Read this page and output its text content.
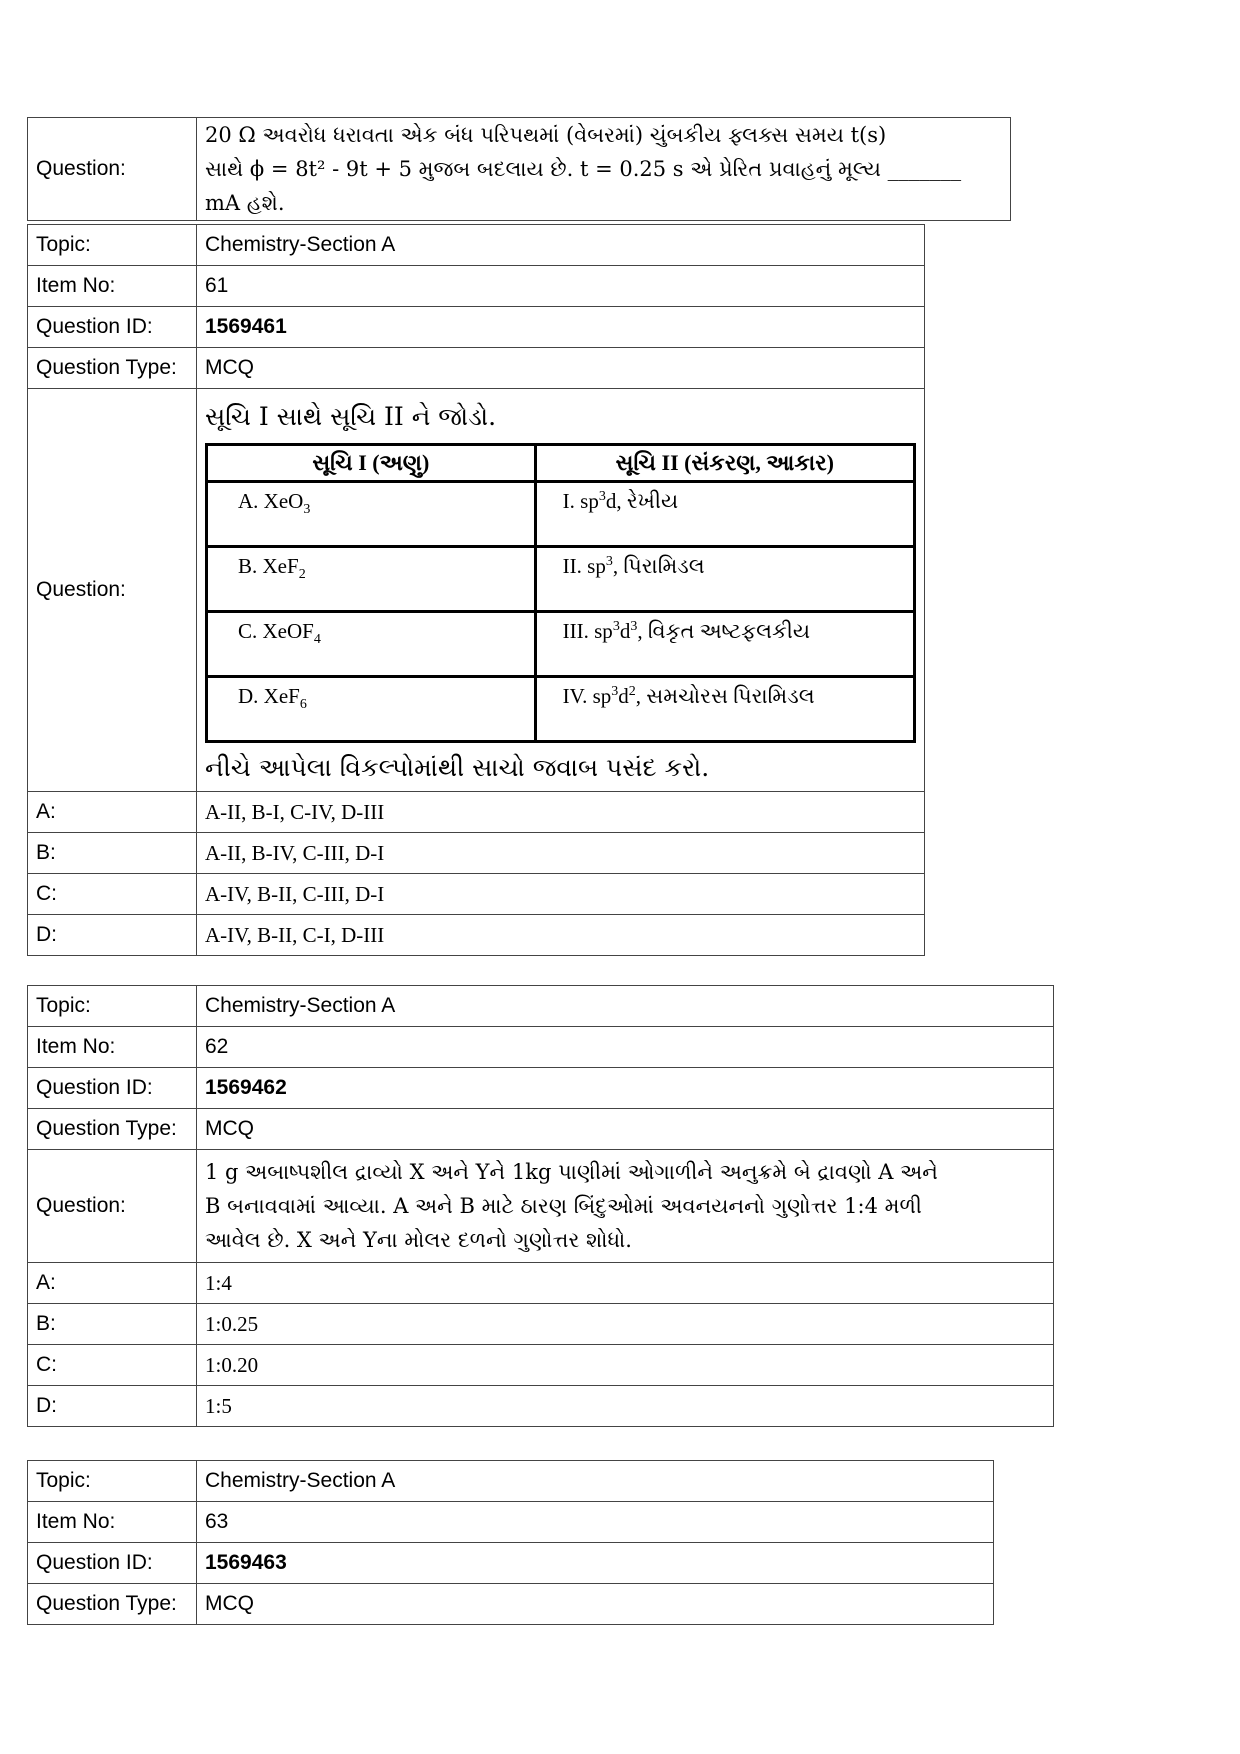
Question:	
20 Ω અવરોધ ધરાવતા એક બંધ પરિપથમાં (વેબરમાં) ચુંબકીય ફ્લક્સ સમય t(s)
સાથે ϕ = 8t² - 9t + 5 મુજબ બદલાય છે. t = 0.25 s એ પ્રેરિત પ્રવાહનું મૂલ્ય _______ mA હશે.
Topic:	Chemistry-Section A
Item No:	61
Question ID:	1569461
Question Type:	MCQ
Question:	
સૂચિ I સાથે સૂચિ II ને જોડો.
સૂચિ I (અણુ)	સૂચિ II (સંકરણ, આકાર)
A. XeO$_3$	I. $sp^3d$, રેખીય
B. XeF$_2$	II. $sp^3$, પિરામિડલ
C. XeOF$_4$	III. $sp^3d^3$, વિકૃત અષ્ટફલકીય
D. XeF$_6$	IV. $sp^3d^2$, સમચોરસ પિરામિડલ
નીચે આપેલા વિકલ્પોમાંથી સાચો જવાબ પસંદ કરો.

A:	A-II, B-I, C-IV, D-III
B:	A-II, B-IV, C-III, D-I
C:	A-IV, B-II, C-III, D-I
D:	A-IV, B-II, C-I, D-III
Topic:	Chemistry-Section A
Item No:	62
Question ID:	1569462
Question Type:	MCQ
Question:	1 g અબાષ્પશીલ દ્રાવ્યો X અને Yને 1kg પાણીમાં ઓગાળીને અનુક્રમે બે દ્રાવણો A અને
B બનાવવામાં આવ્યા. A અને B માટે ઠારણ બિંદુઓમાં અવનયનનો ગુણોત્તર 1:4 મળી
આવેલ છે. X અને Yના મોલર દળનો ગુણોત્તર શોધો.

A:	1:4
B:	1:0.25
C:	1:0.20
D:	1:5
Topic:	Chemistry-Section A
Item No:	63
Question ID:	1569463
Question Type:	MCQ
